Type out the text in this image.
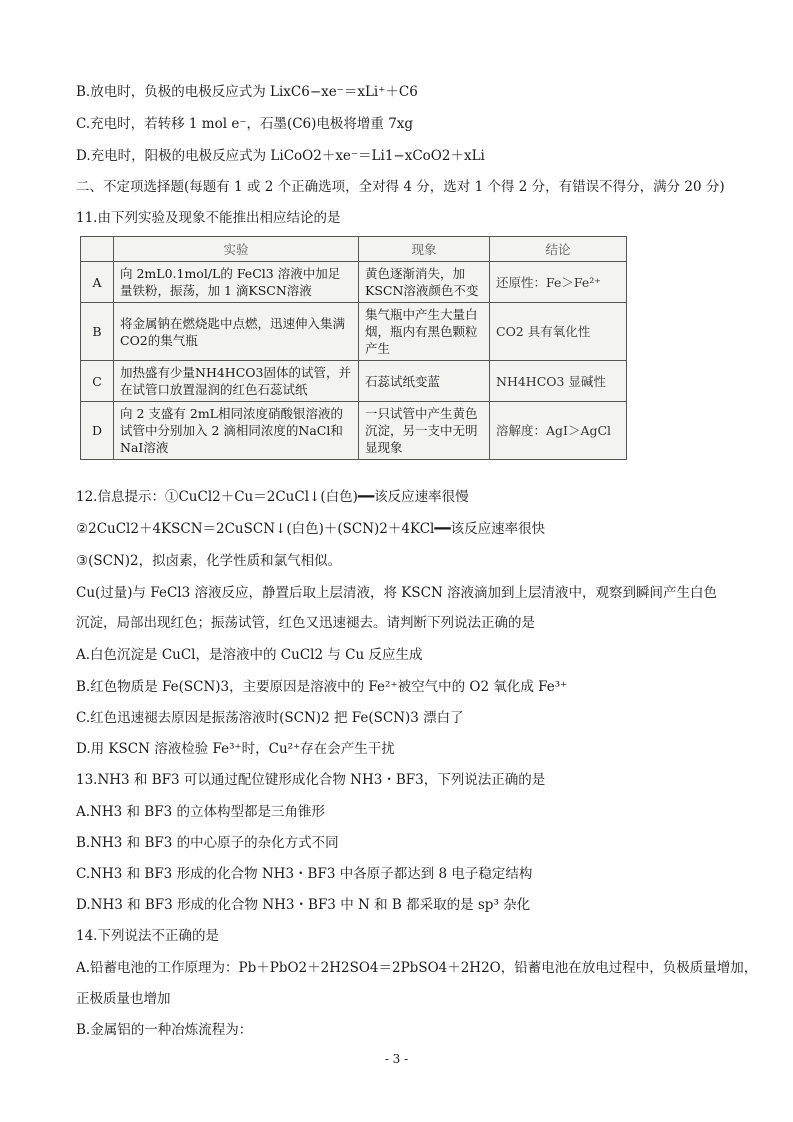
B.放电时，负极的电极反应式为 LixC6−xe⁻＝xLi⁺＋C6
C.充电时，若转移 1 mol e⁻，石墨(C6)电极将增重 7xg
D.充电时，阳极的电极反应式为 LiCoO2＋xe⁻＝Li1−xCoO2＋xLi
二、不定项选择题(每题有 1 或 2 个正确选项，全对得 4 分，选对 1 个得 2 分，有错误不得分，满分 20 分)
11.由下列实验及现象不能推出相应结论的是
	实验	现象	结论
A	向 2mL0.1mol/L的 FeCl3 溶液中加足量铁粉，振荡，加 1 滴KSCN溶液	黄色逐渐消失，加KSCN溶液颜色不变	还原性：Fe＞Fe²⁺
B	将金属钠在燃烧匙中点燃，迅速伸入集满CO2的集气瓶	集气瓶中产生大量白烟，瓶内有黑色颗粒产生	CO2 具有氧化性
C	加热盛有少量NH4HCO3固体的试管，并在试管口放置湿润的红色石蕊试纸	石蕊试纸变蓝	NH4HCO3 显碱性
D	向 2 支盛有 2mL相同浓度硝酸银溶液的试管中分别加入 2 滴相同浓度的NaCl和NaI溶液	一只试管中产生黄色沉淀，另一支中无明显现象	溶解度：AgI＞AgCl
12.信息提示：①CuCl2＋Cu＝2CuCl↓(白色)━━该反应速率很慢
②2CuCl2＋4KSCN＝2CuSCN↓(白色)＋(SCN)2＋4KCl━━该反应速率很快
③(SCN)2，拟卤素，化学性质和氯气相似。
Cu(过量)与 FeCl3 溶液反应，静置后取上层清液，将 KSCN 溶液滴加到上层清液中，观察到瞬间产生白色
沉淀，局部出现红色；振荡试管，红色又迅速褪去。请判断下列说法正确的是
A.白色沉淀是 CuCl，是溶液中的 CuCl2 与 Cu 反应生成
B.红色物质是 Fe(SCN)3，主要原因是溶液中的 Fe²⁺被空气中的 O2 氧化成 Fe³⁺
C.红色迅速褪去原因是振荡溶液时(SCN)2 把 Fe(SCN)3 漂白了
D.用 KSCN 溶液检验 Fe³⁺时，Cu²⁺存在会产生干扰
13.NH3 和 BF3 可以通过配位键形成化合物 NH3・BF3，下列说法正确的是
A.NH3 和 BF3 的立体构型都是三角锥形
B.NH3 和 BF3 的中心原子的杂化方式不同
C.NH3 和 BF3 形成的化合物 NH3・BF3 中各原子都达到 8 电子稳定结构
D.NH3 和 BF3 形成的化合物 NH3・BF3 中 N 和 B 都采取的是 sp³ 杂化
14.下列说法不正确的是
A.铅蓄电池的工作原理为：Pb＋PbO2＋2H2SO4＝2PbSO4＋2H2O，铅蓄电池在放电过程中，负极质量增加，
正极质量也增加
B.金属铝的一种冶炼流程为：
- 3 -
